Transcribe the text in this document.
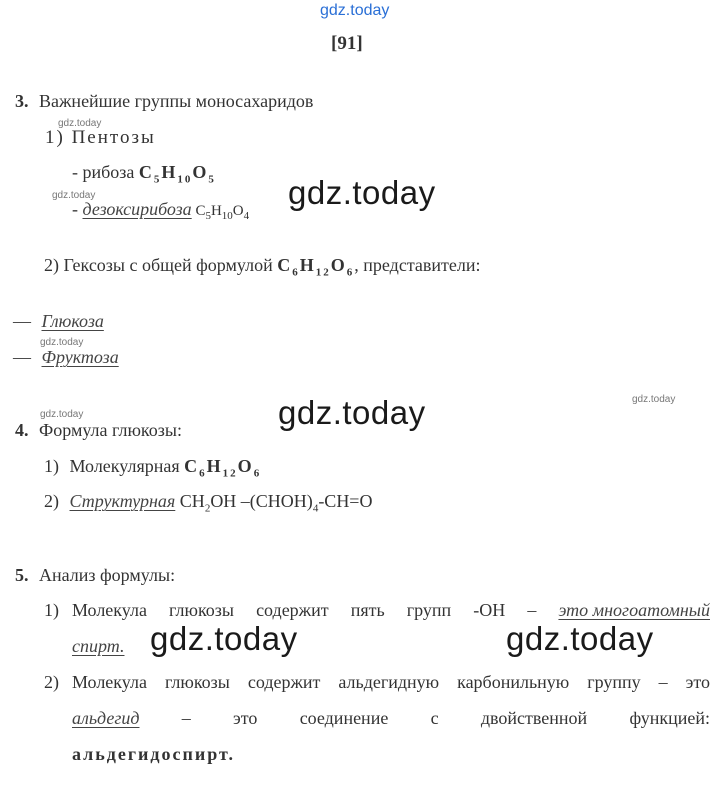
gdz.today
gdz.today
gdz.today
gdz.today
gdz.today
gdz.today
gdz.today
gdz.today
gdz.today	gdz.today
[91]
3. Важнейшие группы моносахаридов
1) Пентозы
- рибоза $C_5H_{10}O_5$
- дезоксирибоза $C_5H_{10}O_4$
2) Гексозы с общей формулой $C_6H_{12}O_6$, представители:
— Глюкоза
— Фруктоза
4. Формула глюкозы:
1) Молекулярная $C_6H_{12}O_6$
2) Структурная $CH_2OH$ $-(CHOH)_4-CH=O$
5. Анализ формулы:
1) Молекула глюкозы содержит пять групп -ОН – это многоатомный
спирт.
2) Молекула глюкозы содержит альдегидную карбонильную группу – это
альдегид – это соединение с двойственной функцией:
альдегидоспирт.
